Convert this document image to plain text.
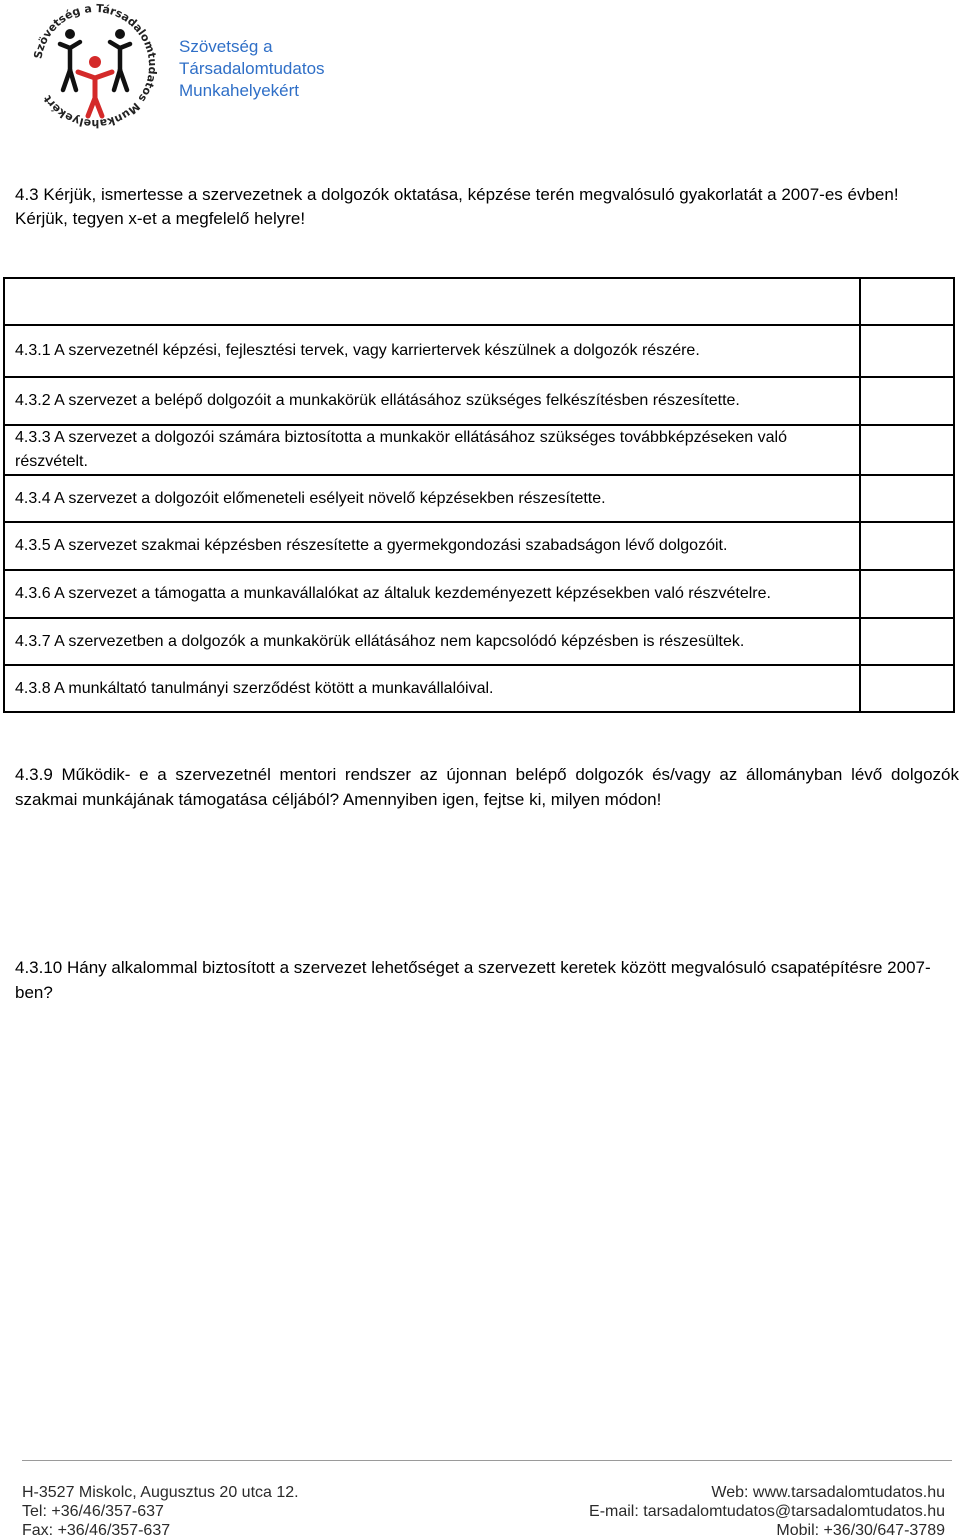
Szövetség a Társadalomtudatos Munkahelyekért
Szövetség a
Társadalomtudatos
Munkahelyekért
4.3 Kérjük, ismertesse a szervezetnek a dolgozók oktatása, képzése terén megvalósuló gyakorlatát a 2007-es évben!
Kérjük, tegyen x-et a megfelelő helyre!

4.3.1 A szervezetnél képzési, fejlesztési tervek, vagy karriertervek készülnek a dolgozók részére.	
4.3.2 A szervezet a belépő dolgozóit a munkakörük ellátásához szükséges felkészítésben részesítette.	
4.3.3 A szervezet a dolgozói számára biztosította a munkakör ellátásához szükséges továbbképzéseken való részvételt.	
4.3.4 A szervezet a dolgozóit előmeneteli esélyeit növelő képzésekben részesítette.	
4.3.5 A szervezet szakmai képzésben részesítette a gyermekgondozási szabadságon lévő dolgozóit.	
4.3.6 A szervezet a támogatta a munkavállalókat az általuk kezdeményezett képzésekben való részvételre.	
4.3.7 A szervezetben a dolgozók a munkakörük ellátásához nem kapcsolódó képzésben is részesültek.	
4.3.8 A munkáltató tanulmányi szerződést kötött a munkavállalóival.	
4.3.9 Működik- e a szervezetnél mentori rendszer az újonnan belépő dolgozók és/vagy az állományban lévő dolgozók szakmai munkájának támogatása céljából? Amennyiben igen, fejtse ki, milyen módon!
4.3.10 Hány alkalommal biztosított a szervezet lehetőséget a szervezett keretek között megvalósuló csapatépítésre 2007-ben?
H-3527 Miskolc, Augusztus 20 utca 12.
Tel: +36/46/357-637
Fax: +36/46/357-637
Web: www.tarsadalomtudatos.hu
E-mail: tarsadalomtudatos@tarsadalomtudatos.hu
Mobil: +36/30/647-3789
